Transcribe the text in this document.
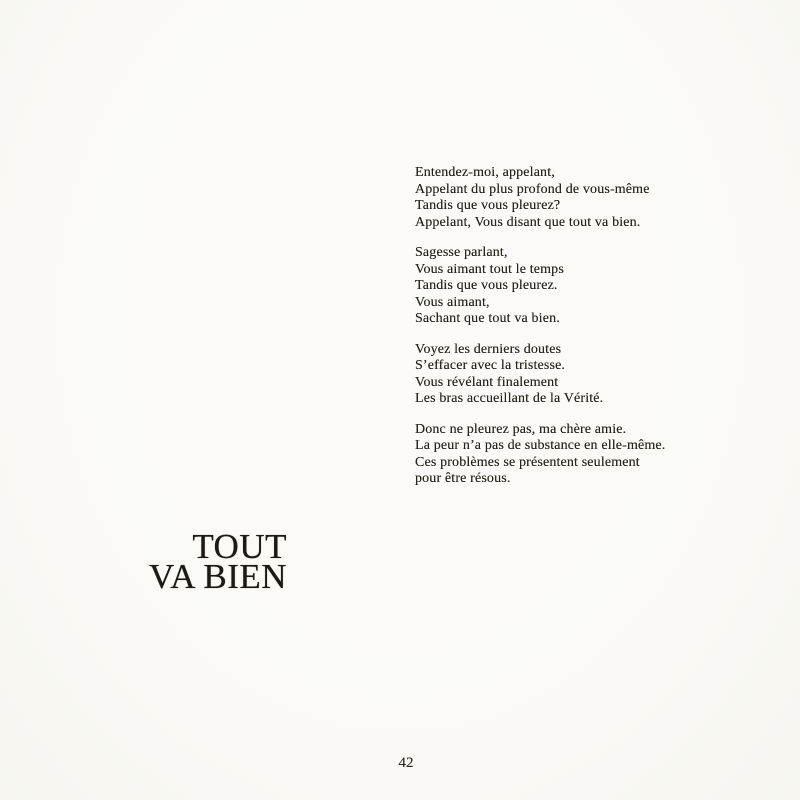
Entendez-moi, appelant,
Appelant du plus profond de vous-même
Tandis que vous pleurez?
Appelant, Vous disant que tout va bien.
Sagesse parlant,
Vous aimant tout le temps
Tandis que vous pleurez.
Vous aimant,
Sachant que tout va bien.
Voyez les derniers doutes
S’effacer avec la tristesse.
Vous révélant finalement
Les bras accueillant de la Vérité.
Donc ne pleurez pas, ma chère amie.
La peur n’a pas de substance en elle-même.
Ces problèmes se présentent seulement
pour être résous.
TOUT
VA BIEN
42
